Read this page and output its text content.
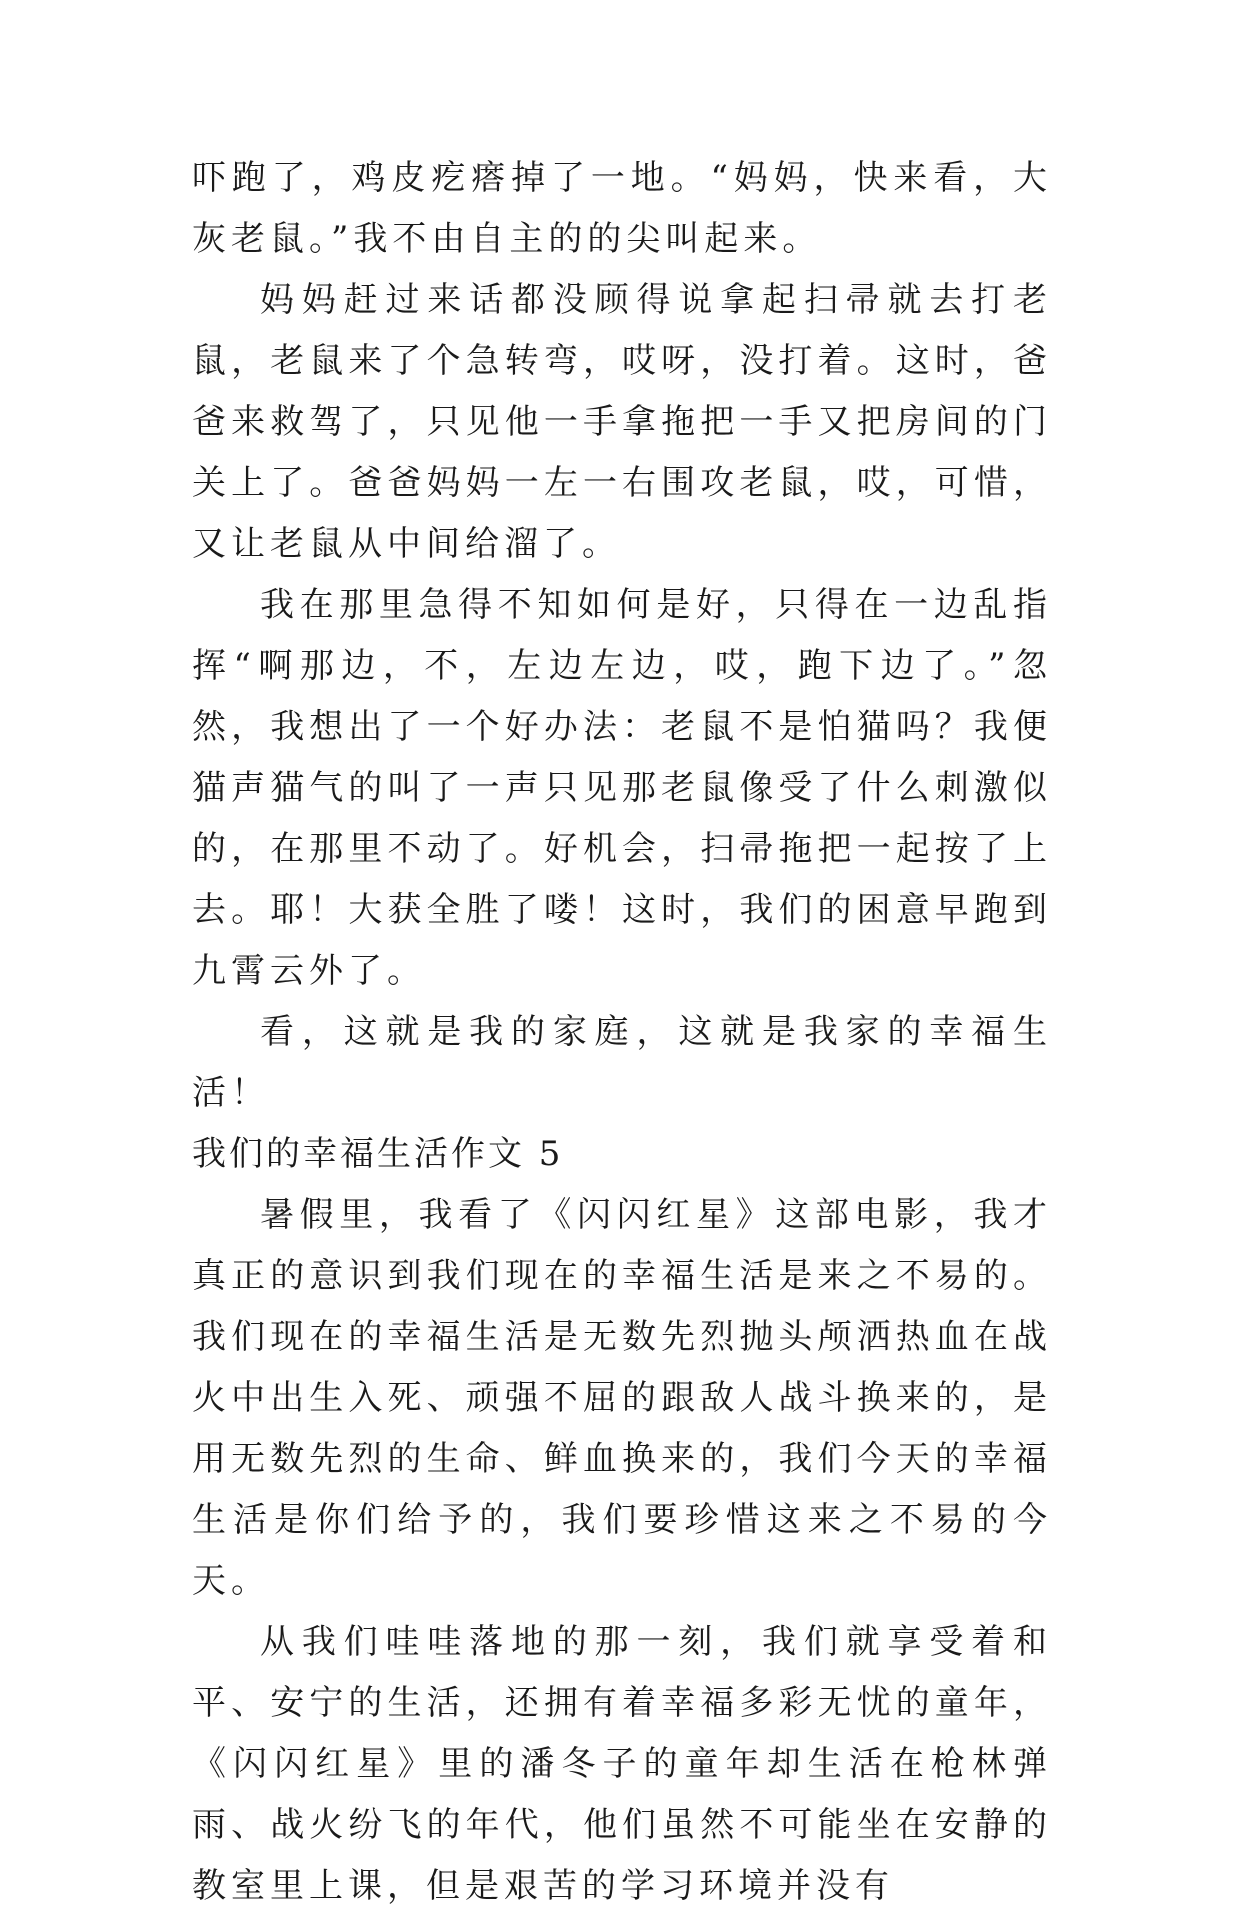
吓跑了，鸡皮疙瘩掉了一地。“妈妈，快来看，大灰老鼠。”我不由自主的的尖叫起来。

妈妈赶过来话都没顾得说拿起扫帚就去打老鼠，老鼠来了个急转弯，哎呀，没打着。这时，爸爸来救驾了，只见他一手拿拖把一手又把房间的门关上了。爸爸妈妈一左一右围攻老鼠，哎，可惜，又让老鼠从中间给溜了。

我在那里急得不知如何是好，只得在一边乱指挥“啊那边，不，左边左边，哎，跑下边了。”忽然，我想出了一个好办法：老鼠不是怕猫吗？我便猫声猫气的叫了一声只见那老鼠像受了什么刺激似的，在那里不动了。好机会，扫帚拖把一起按了上去。耶！大获全胜了喽！这时，我们的困意早跑到九霄云外了。

看，这就是我的家庭，这就是我家的幸福生活！

我们的幸福生活作文 5

暑假里，我看了《闪闪红星》这部电影，我才真正的意识到我们现在的幸福生活是来之不易的。我们现在的幸福生活是无数先烈抛头颅洒热血在战火中出生入死、顽强不屈的跟敌人战斗换来的，是用无数先烈的生命、鲜血换来的，我们今天的幸福生活是你们给予的，我们要珍惜这来之不易的今天。

从我们哇哇落地的那一刻，我们就享受着和平、安宁的生活，还拥有着幸福多彩无忧的童年，《闪闪红星》里的潘冬子的童年却生活在枪林弹雨、战火纷飞的年代，他们虽然不可能坐在安静的教室里上课，但是艰苦的学习环境并没有
